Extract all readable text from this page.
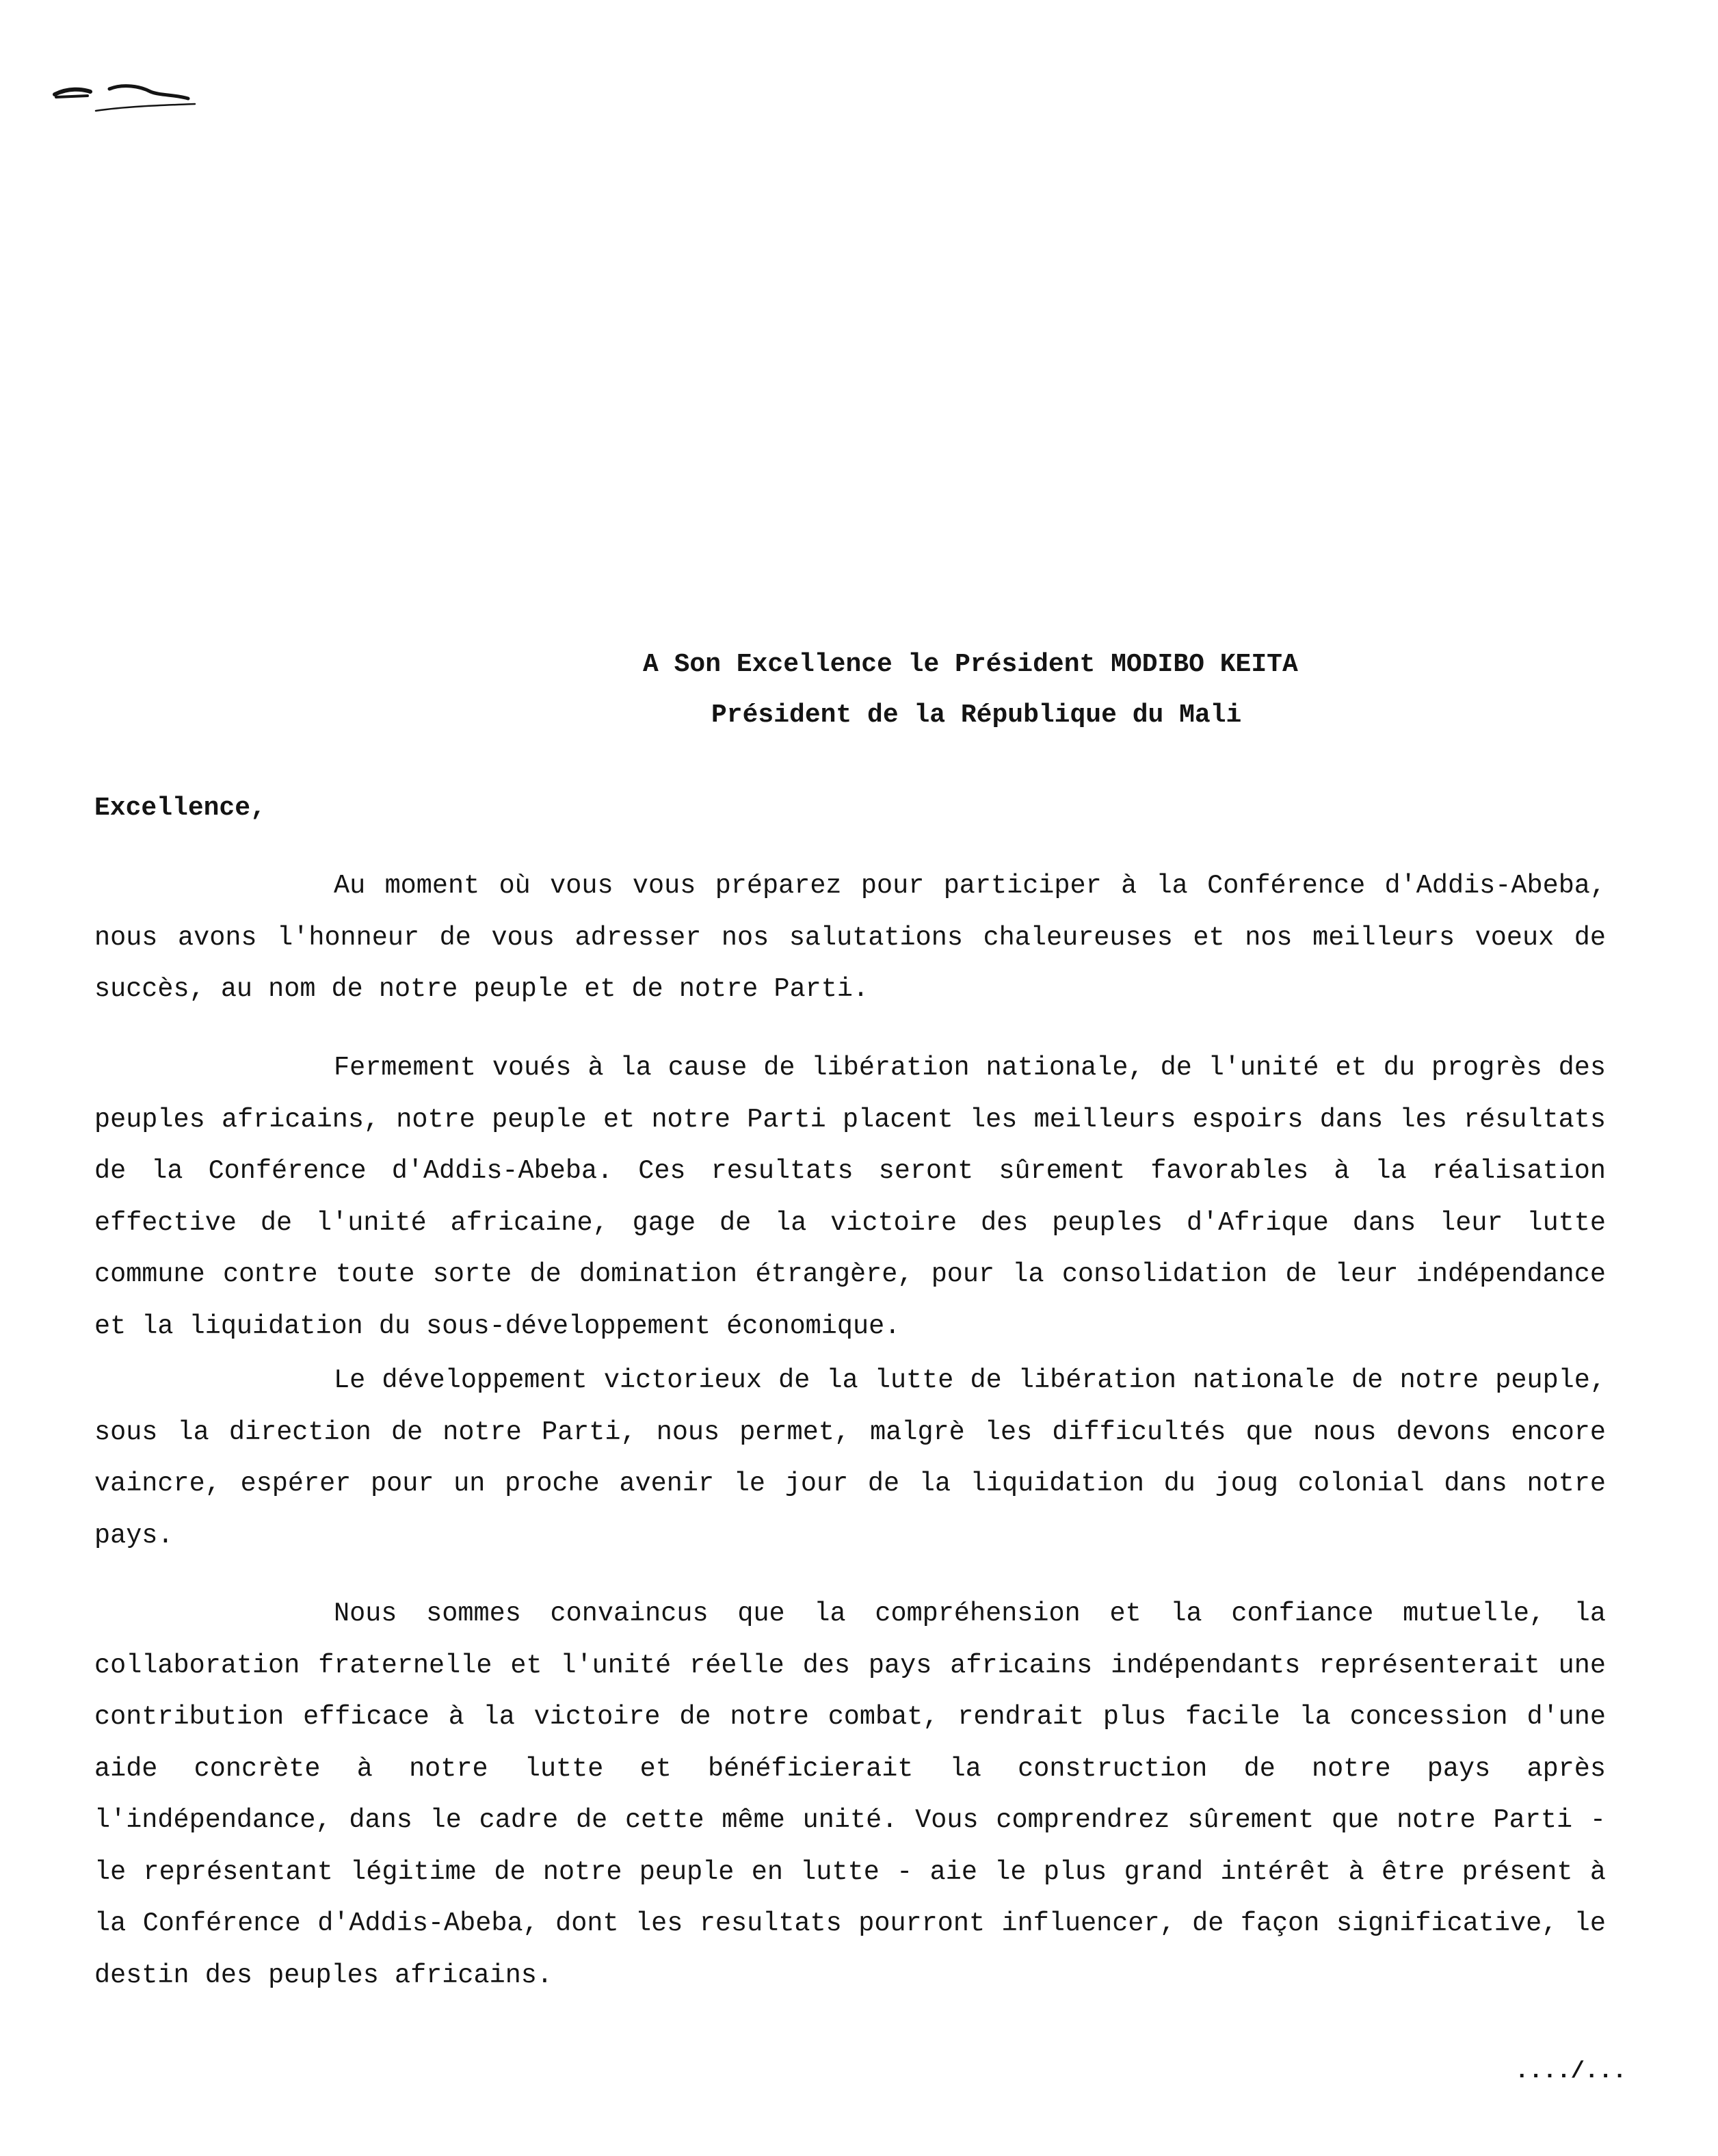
A Son Excellence le Président MODIBO KEITA
Président de la République du Mali
Excellence,

Au moment où vous vous préparez pour participer à la Conférence d'Addis-Abeba, nous avons l'honneur de vous adresser nos salutations chaleureuses et nos meilleurs voeux de succès, au nom de notre peuple et de notre Parti.

Fermement voués à la cause de libération nationale, de l'unité et du progrès des peuples africains, notre peuple et notre Parti placent les meilleurs espoirs dans les résultats de la Conférence d'Addis-Abeba. Ces resultats seront sûrement favorables à la réalisation effective de l'unité africaine, gage de la victoire des peuples d'Afrique dans leur lutte commune contre toute sorte de domination étrangère, pour la consolidation de leur indépendance et la liquidation du sous-développement économique.

Le développement victorieux de la lutte de libération nationale de notre peuple, sous la direction de notre Parti, nous permet, malgrè les difficultés que nous devons encore vaincre, espérer pour un proche avenir le jour de la liquidation du joug colonial dans notre pays.

Nous sommes convaincus que la compréhension et la confiance mutuelle, la collaboration fraternelle et l'unité réelle des pays africains indépendants représenterait une contribution efficace à la victoire de notre combat, rendrait plus facile la concession d'une aide concrète à notre lutte et bénéficierait la construction de notre pays après l'indépendance, dans le cadre de cette même unité. Vous comprendrez sûrement que notre Parti - le représentant légitime de notre peuple en lutte - aie le plus grand intérêt à être présent à la Conférence d'Addis-Abeba, dont les resultats pourront influencer, de façon significative, le destin des peuples africains.

..../...
